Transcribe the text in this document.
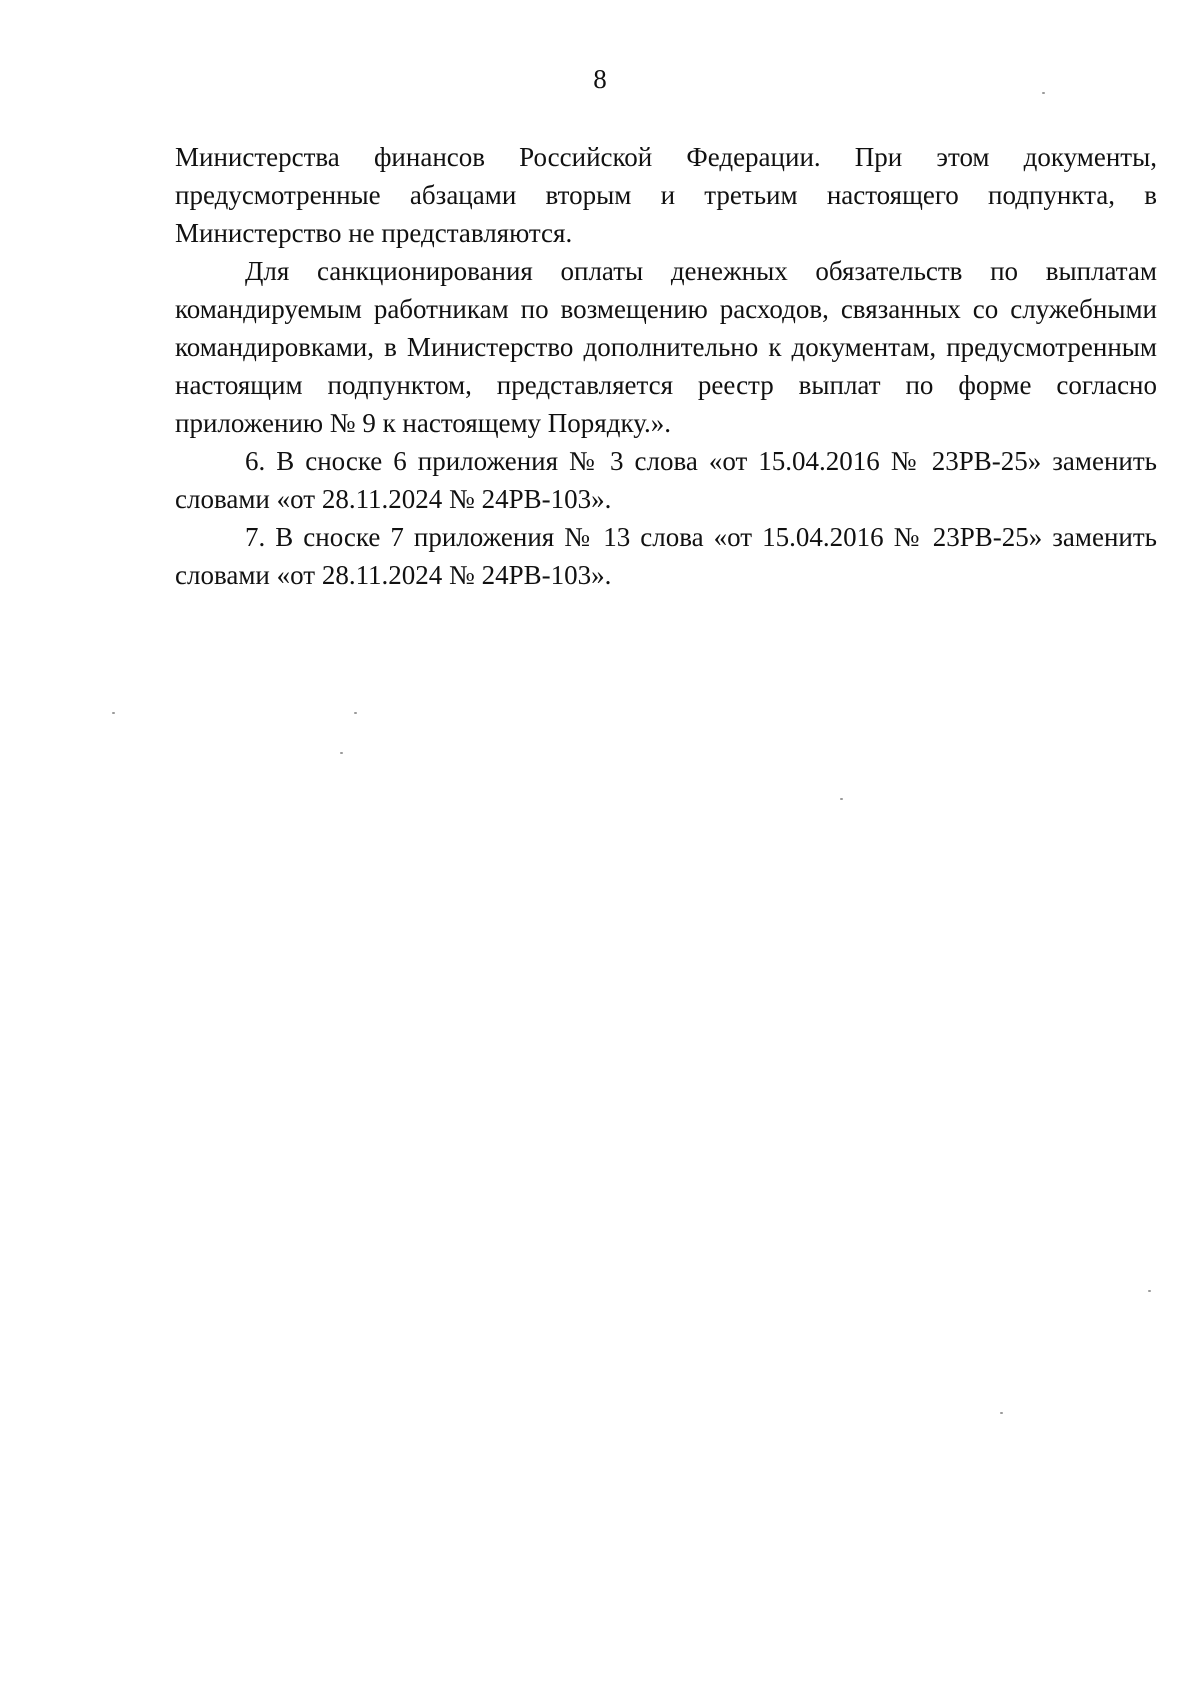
8

Министерства финансов Российской Федерации. При этом документы, предусмотренные абзацами вторым и третьим настоящего подпункта, в Министерство не представляются.

Для санкционирования оплаты денежных обязательств по выплатам командируемым работникам по возмещению расходов, связанных со служебными командировками, в Министерство дополнительно к документам, предусмотренным настоящим подпунктом, представляется реестр выплат по форме согласно приложению № 9 к настоящему Порядку.».

6. В сноске 6 приложения № 3 слова «от 15.04.2016 № 23РВ-25» заменить словами «от 28.11.2024 № 24РВ-103».

7. В сноске 7 приложения № 13 слова «от 15.04.2016 № 23РВ-25» заменить словами «от 28.11.2024 № 24РВ-103».
